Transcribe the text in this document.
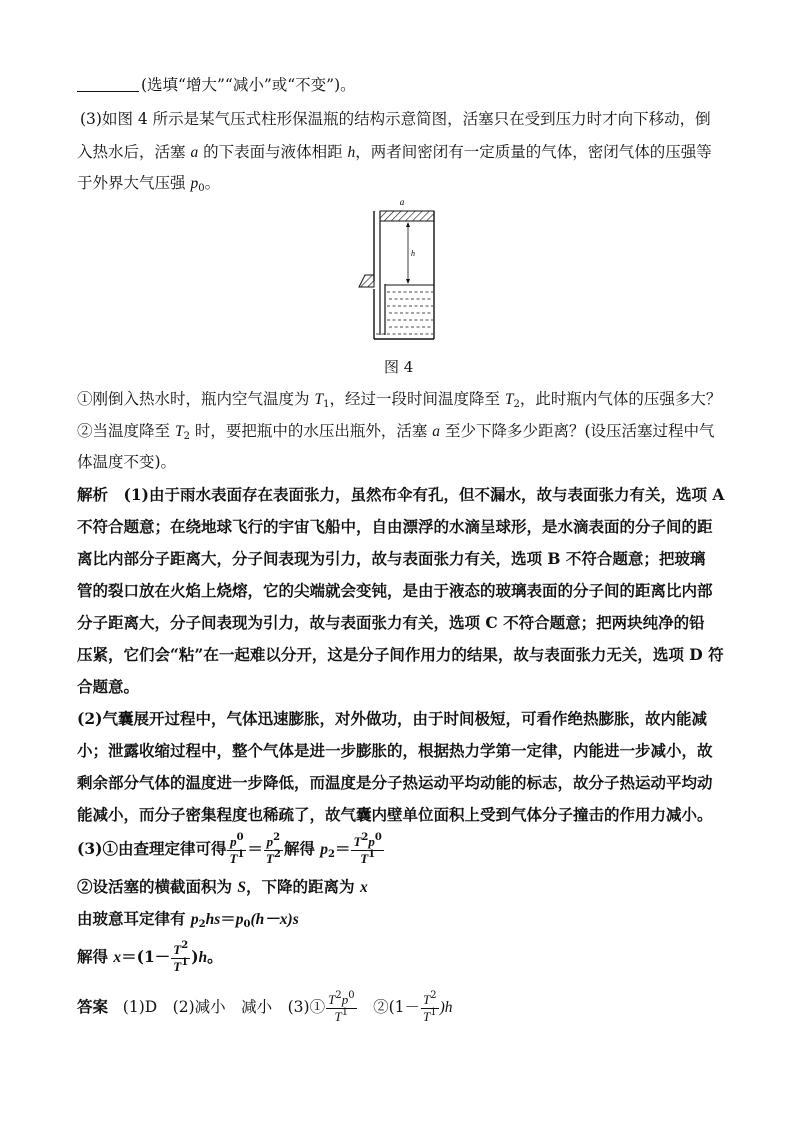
(选填“增大”“减小”或“不变”)。
(3)如图 4 所示是某气压式柱形保温瓶的结构示意简图，活塞只在受到压力时才向下移动，倒
入热水后，活塞 a 的下表面与液体相距 h，两者间密闭有一定质量的气体，密闭气体的压强等
于外界大气压强 $p_0$。
a
h
图 4
①刚倒入热水时，瓶内空气温度为 $T_1$，经过一段时间温度降至 $T_2$，此时瓶内气体的压强多大？
②当温度降至 $T_2$ 时，要把瓶中的水压出瓶外，活塞 a 至少下降多少距离？(设压活塞过程中气
体温度不变)。
解析　(1)由于雨水表面存在表面张力，虽然布伞有孔，但不漏水，故与表面张力有关，选项 A
不符合题意；在绕地球飞行的宇宙飞船中，自由漂浮的水滴呈球形，是水滴表面的分子间的距
离比内部分子距离大，分子间表现为引力，故与表面张力有关，选项 B 不符合题意；把玻璃
管的裂口放在火焰上烧熔，它的尖端就会变钝，是由于液态的玻璃表面的分子间的距离比内部
分子距离大，分子间表现为引力，故与表面张力有关，选项 C 不符合题意；把两块纯净的铅
压紧，它们会“粘”在一起难以分开，这是分子间作用力的结果，故与表面张力无关，选项 D 符
合题意。
(2)气囊展开过程中，气体迅速膨胀，对外做功，由于时间极短，可看作绝热膨胀，故内能减
小；泄露收缩过程中，整个气体是进一步膨胀的，根据热力学第一定律，内能进一步减小，故
剩余部分气体的温度进一步降低，而温度是分子热运动平均动能的标志，故分子热运动平均动
能减小，而分子密集程度也稀疏了，故气囊内壁单位面积上受到气体分子撞击的作用力减小。
(3)①由查理定律可得 $\frac{p^0}{T^1} = \frac{p^2}{T^2}$ 解得 $p_2= \frac{T^2p^0}{T^1}$
②设活塞的横截面积为 S，下降的距离为 x
由玻意耳定律有 $p_2hs=p_0(h-x)s$
解得 $x=(1- \frac{T^2}{T^1} )h$。
答案 (1)D　(2)减小　减小　(3)① $\frac{T^2p^0}{T^1}$ 　②(1－ $\frac{T^2}{T^1} )h$
